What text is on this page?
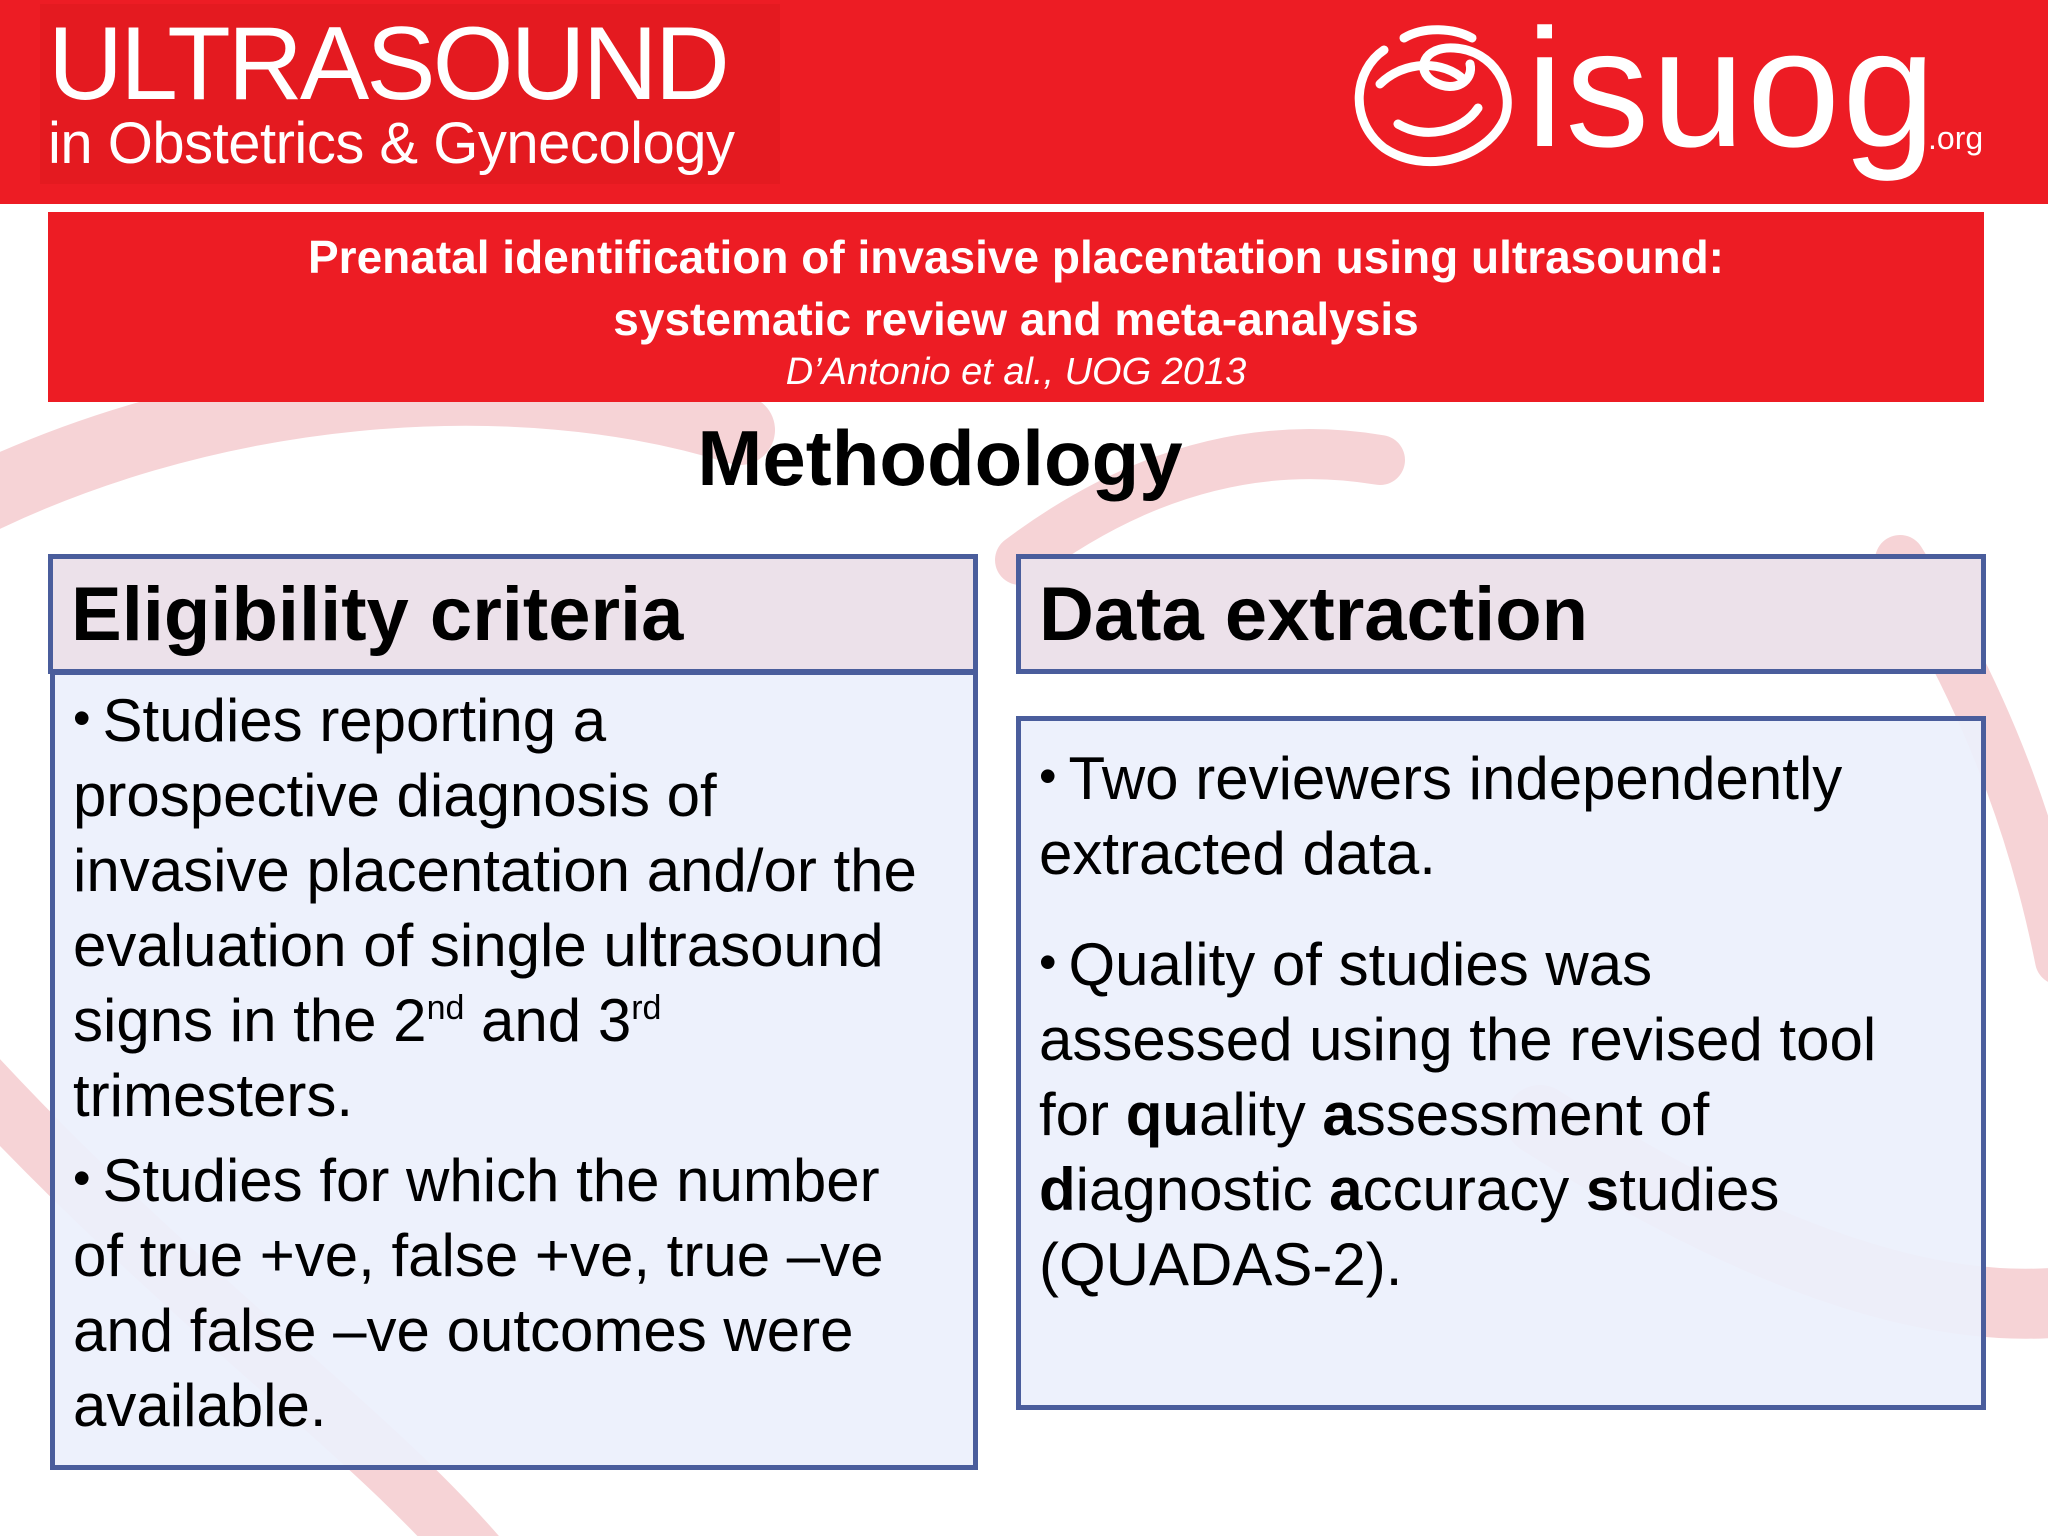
ULTRASOUND
in Obstetrics & Gynecology	isuog
.org
Prenatal identification of invasive placentation using ultrasound:
systematic review and meta-analysis
D’Antonio et al., UOG 2013
Methodology
Eligibility criteria
• Studies reporting a
prospective diagnosis of
invasive placentation and/or the
evaluation of single ultrasound
signs in the 2nd and 3rd
trimesters.
• Studies for which the number
of true +ve, false +ve, true –ve
and false –ve outcomes were
available.
Data extraction
• Two reviewers independently
extracted data.
• Quality of studies was
assessed using the revised tool
for quality assessment of
diagnostic accuracy studies
(QUADAS-2).
